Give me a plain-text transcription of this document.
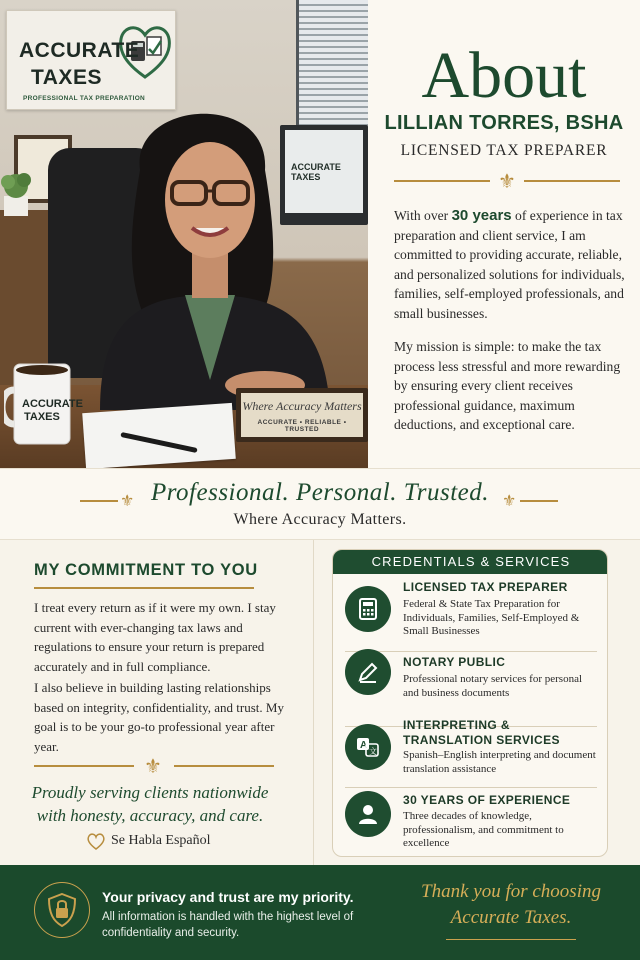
ACCURATE
TAXES
PROFESSIONAL TAX PREPARATION
ACCURATE TAXES
ACCURATE
TAXES
Where Accuracy Matters
ACCURATE • RELIABLE • TRUSTED
About
LILLIAN TORRES, BSHA
LICENSED TAX PREPARER
⚜

With over 30 years of experience in tax preparation and client service, I am committed to providing accurate, reliable, and personalized solutions for individuals, families, self-employed professionals, and small businesses.

My mission is simple: to make the tax process less stressful and more rewarding by ensuring every client receives professional guidance, maximum deductions, and exceptional care.

⚜ Professional. Personal. Trusted. ⚜
Where Accuracy Matters.
MY COMMITMENT TO YOU

I treat every return as if it were my own. I stay current with ever-changing tax laws and regulations to ensure your return is prepared accurately and in full compliance.

I also believe in building lasting relationships based on integrity, confidentiality, and trust. My goal is to be your go-to professional year after year.

⚜
Proudly serving clients nationwide
with honesty, accuracy, and care.
Se Habla Español
CREDENTIALS & SERVICES
LICENSED TAX PREPARER
Federal & State Tax Preparation for Individuals, Families, Self-Employed & Small Businesses
NOTARY PUBLIC
Professional notary services for personal and business documents
A
文
INTERPRETING & TRANSLATION SERVICES
Spanish–English interpreting and document translation assistance
30 YEARS OF EXPERIENCE
Three decades of knowledge, professionalism, and commitment to excellence
Your privacy and trust are my priority.
All information is handled with the highest level of confidentiality and security.
Thank you for choosing
Accurate Taxes.
